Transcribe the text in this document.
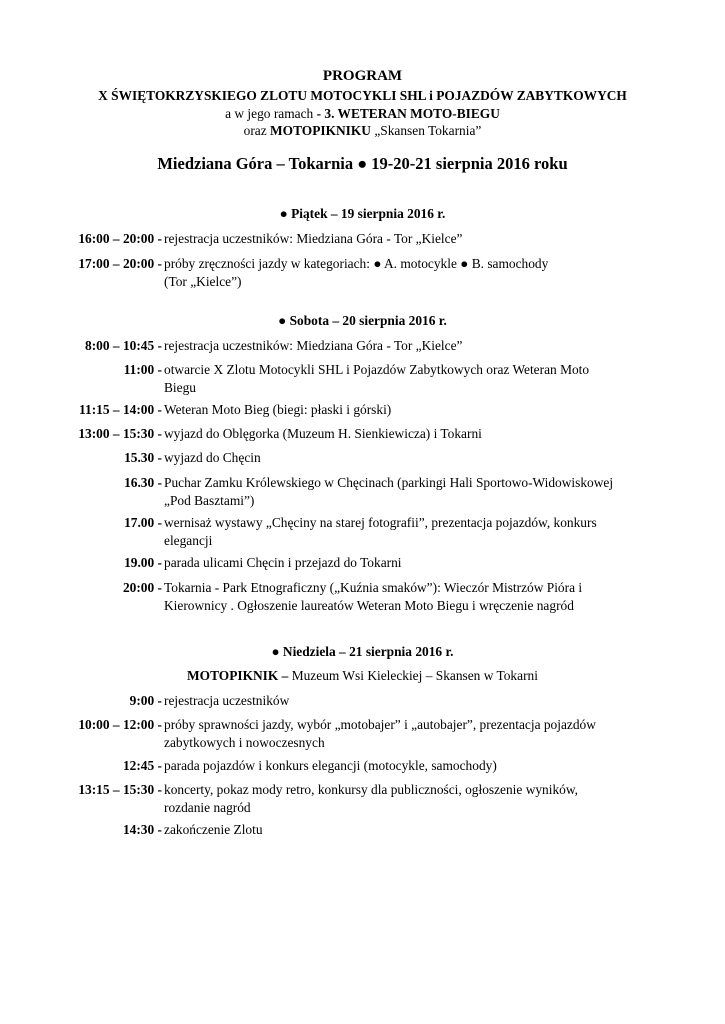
PROGRAM
X ŚWIĘTOKRZYSKIEGO ZLOTU MOTOCYKLI SHL i POJAZDÓW ZABYTKOWYCH
a w jego ramach - 3. WETERAN MOTO-BIEGU
oraz MOTOPIKNIKU „Skansen Tokarnia”
Miedziana Góra – Tokarnia ● 19-20-21 sierpnia 2016 roku
● Piątek – 19 sierpnia 2016 r.
16:00 – 20:00 - rejestracja uczestników: Miedziana Góra - Tor „Kielce”
17:00 – 20:00 - próby zręczności jazdy w kategoriach: ● A. motocykle ● B. samochody
(Tor „Kielce”)
● Sobota – 20 sierpnia 2016 r.
8:00 – 10:45 - rejestracja uczestników: Miedziana Góra - Tor „Kielce”
11:00 - otwarcie X Zlotu Motocykli SHL i Pojazdów Zabytkowych oraz Weteran Moto
Biegu
11:15 – 14:00 - Weteran Moto Bieg (biegi: płaski i górski)
13:00 – 15:30 - wyjazd do Oblęgorka (Muzeum H. Sienkiewicza) i Tokarni
15.30 - wyjazd do Chęcin
16.30 - Puchar Zamku Królewskiego w Chęcinach (parkingi Hali Sportowo-Widowiskowej
„Pod Basztami”)
17.00 - wernisaż wystawy „Chęciny na starej fotografii”, prezentacja pojazdów, konkurs
elegancji
19.00 - parada ulicami Chęcin i przejazd do Tokarni
20:00 - Tokarnia - Park Etnograficzny („Kuźnia smaków”): Wieczór Mistrzów Pióra i
Kierownicy . Ogłoszenie laureatów Weteran Moto Biegu i wręczenie nagród
● Niedziela – 21 sierpnia 2016 r.
MOTOPIKNIK – Muzeum Wsi Kieleckiej – Skansen w Tokarni
9:00 - rejestracja uczestników
10:00 – 12:00 - próby sprawności jazdy, wybór „motobajer” i „autobajer”, prezentacja pojazdów
zabytkowych i nowoczesnych
12:45 - parada pojazdów i konkurs elegancji (motocykle, samochody)
13:15 – 15:30 - koncerty, pokaz mody retro, konkursy dla publiczności, ogłoszenie wyników,
rozdanie nagród
14:30 - zakończenie Zlotu
